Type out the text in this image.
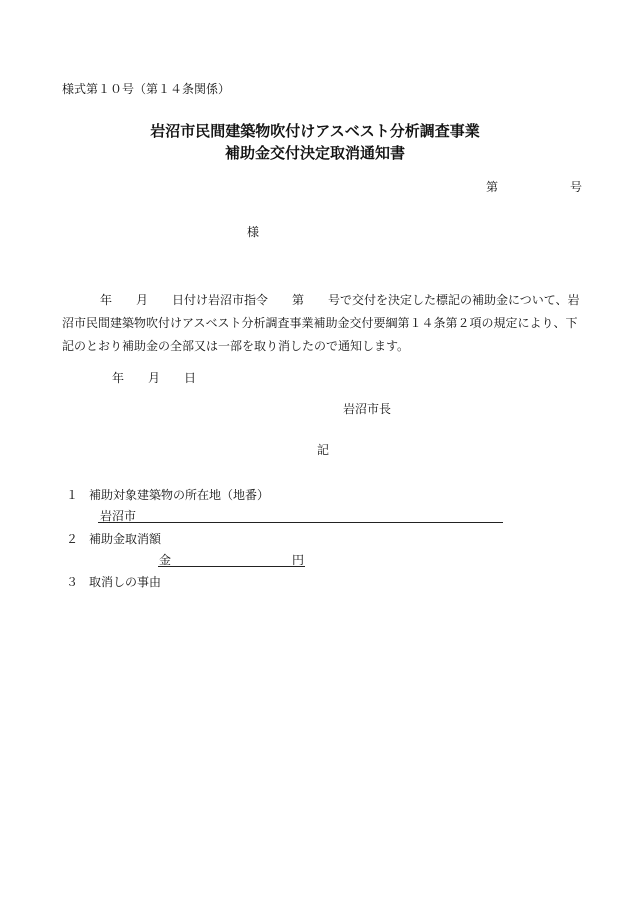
様式第１０号（第１４条関係）
岩沼市民間建築物吹付けアスベスト分析調査事業
補助金交付決定取消通知書
第	号
様
年　　月　　日付け岩沼市指令　　第　　号で交付を決定した標記の補助金について、岩
沼市民間建築物吹付けアスベスト分析調査事業補助金交付要綱第１４条第２項の規定により、下
記のとおり補助金の全部又は一部を取り消したので通知します。
年　　月　　日
岩沼市長
記
１ 補助対象建築物の所在地（地番）
岩沼市
２ 補助金取消額
金	円
３ 取消しの事由
